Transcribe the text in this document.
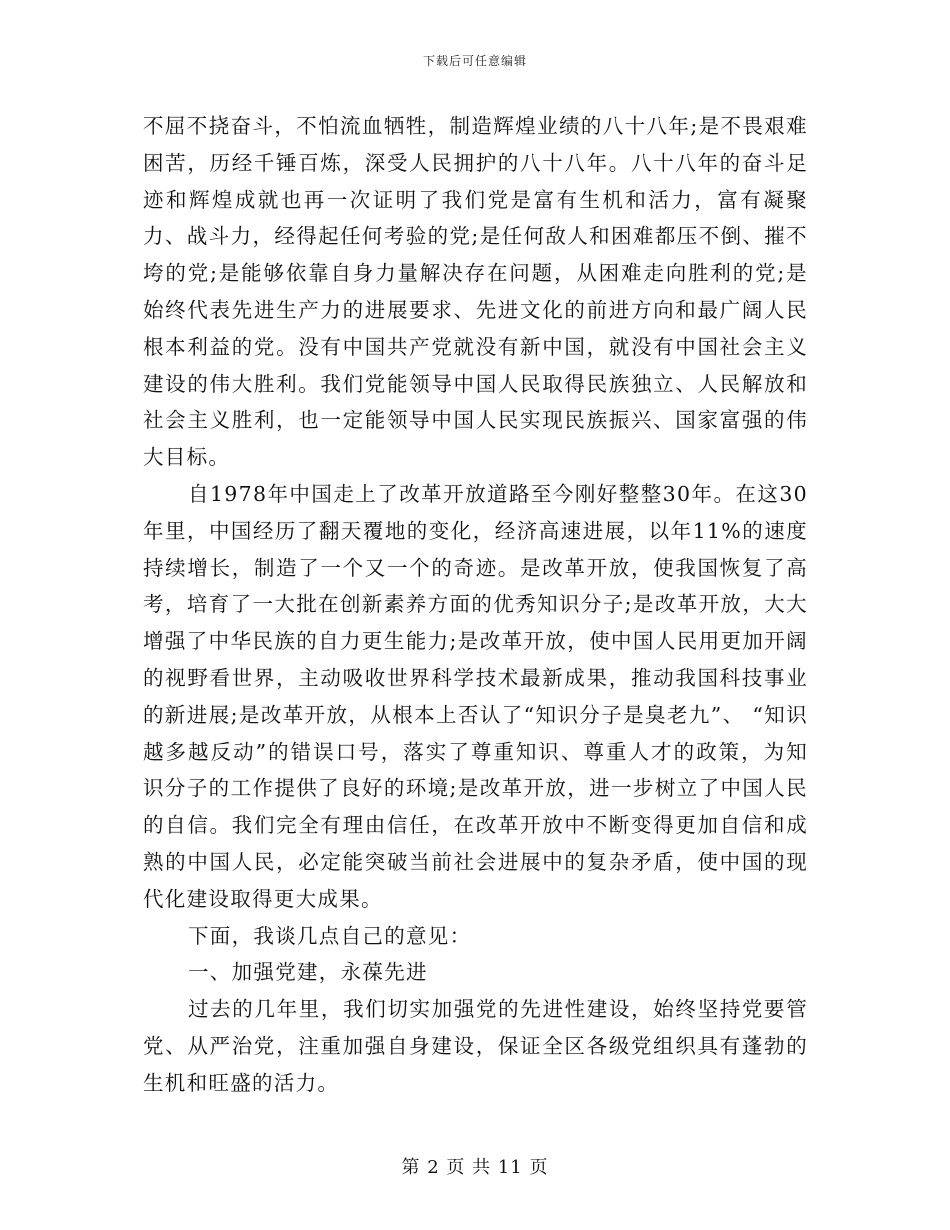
下载后可任意编辑

不屈不挠奋斗，不怕流血牺牲，制造辉煌业绩的八十八年;是不畏艰难困苦，历经千锤百炼，深受人民拥护的八十八年。八十八年的奋斗足迹和辉煌成就也再一次证明了我们党是富有生机和活力，富有凝聚力、战斗力，经得起任何考验的党;是任何敌人和困难都压不倒、摧不垮的党;是能够依靠自身力量解决存在问题，从困难走向胜利的党;是始终代表先进生产力的进展要求、先进文化的前进方向和最广阔人民根本利益的党。没有中国共产党就没有新中国，就没有中国社会主义建设的伟大胜利。我们党能领导中国人民取得民族独立、人民解放和社会主义胜利，也一定能领导中国人民实现民族振兴、国家富强的伟大目标。

自1978年中国走上了改革开放道路至今刚好整整30年。在这30年里，中国经历了翻天覆地的变化，经济高速进展，以年11%的速度持续增长，制造了一个又一个的奇迹。是改革开放，使我国恢复了高考，培育了一大批在创新素养方面的优秀知识分子;是改革开放，大大增强了中华民族的自力更生能力;是改革开放，使中国人民用更加开阔的视野看世界，主动吸收世界科学技术最新成果，推动我国科技事业的新进展;是改革开放，从根本上否认了“知识分子是臭老九”、 “知识越多越反动”的错误口号，落实了尊重知识、尊重人才的政策，为知识分子的工作提供了良好的环境;是改革开放，进一步树立了中国人民的自信。我们完全有理由信任，在改革开放中不断变得更加自信和成熟的中国人民，必定能突破当前社会进展中的复杂矛盾，使中国的现代化建设取得更大成果。

下面，我谈几点自己的意见：

一、加强党建，永葆先进

过去的几年里，我们切实加强党的先进性建设，始终坚持党要管党、从严治党，注重加强自身建设，保证全区各级党组织具有蓬勃的生机和旺盛的活力。

第 2 页 共 11 页
